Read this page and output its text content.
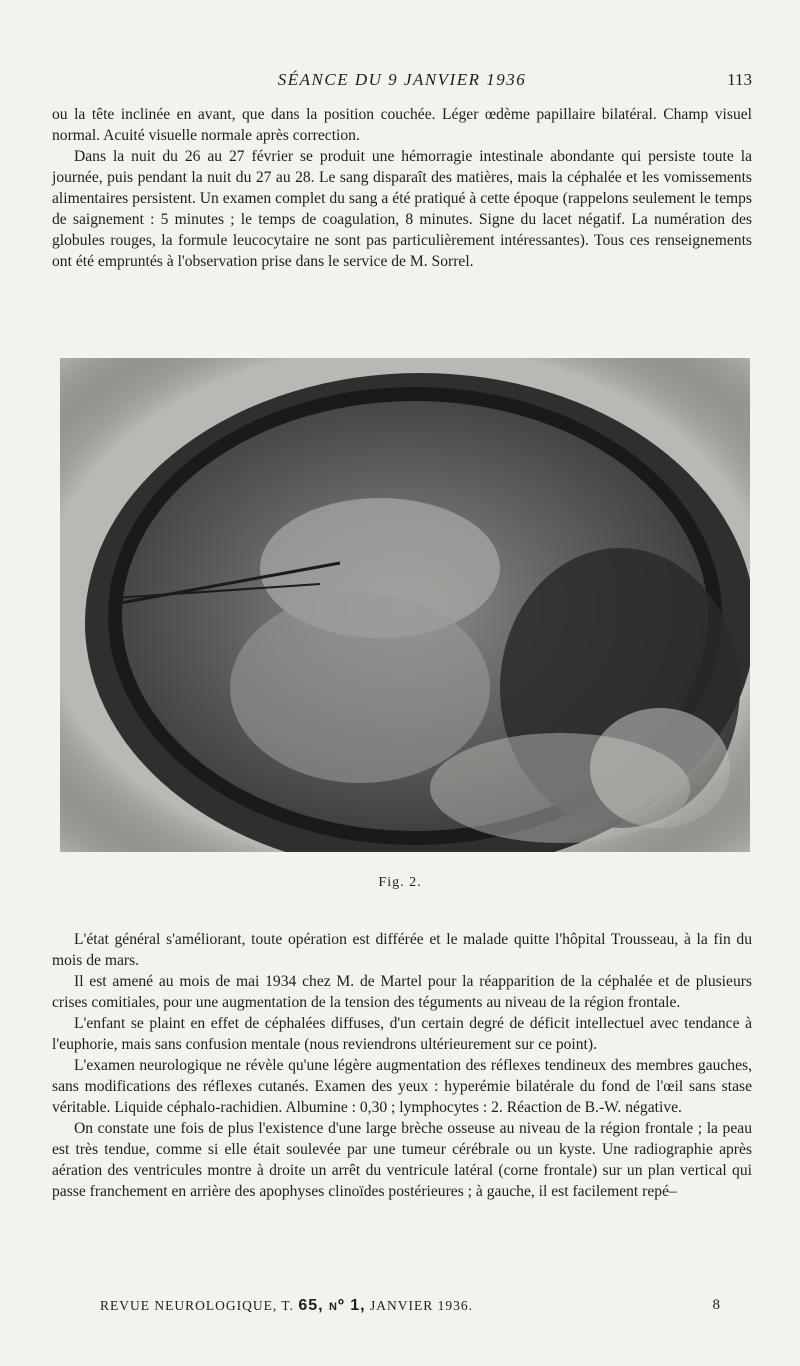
SÉANCE DU 9 JANVIER 1936	113

ou la tête inclinée en avant, que dans la position couchée. Léger œdème papillaire bilatéral. Champ visuel normal. Acuité visuelle normale après correction.

Dans la nuit du 26 au 27 février se produit une hémorragie intestinale abondante qui persiste toute la journée, puis pendant la nuit du 27 au 28. Le sang disparaît des matières, mais la céphalée et les vomissements alimentaires persistent. Un examen complet du sang a été pratiqué à cette époque (rappelons seulement le temps de saignement : 5 minutes ; le temps de coagulation, 8 minutes. Signe du lacet négatif. La numération des globules rouges, la formule leucocytaire ne sont pas particulièrement intéressantes). Tous ces renseignements ont été empruntés à l'observation prise dans le service de M. Sorrel.

Fig. 2.

L'état général s'améliorant, toute opération est différée et le malade quitte l'hôpital Trousseau, à la fin du mois de mars.

Il est amené au mois de mai 1934 chez M. de Martel pour la réapparition de la céphalée et de plusieurs crises comitiales, pour une augmentation de la tension des téguments au niveau de la région frontale.

L'enfant se plaint en effet de céphalées diffuses, d'un certain degré de déficit intellectuel avec tendance à l'euphorie, mais sans confusion mentale (nous reviendrons ultérieurement sur ce point).

L'examen neurologique ne révèle qu'une légère augmentation des réflexes tendineux des membres gauches, sans modifications des réflexes cutanés. Examen des yeux : hyperémie bilatérale du fond de l'œil sans stase véritable. Liquide céphalo-rachidien. Albumine : 0,30 ; lymphocytes : 2. Réaction de B.-W. négative.

On constate une fois de plus l'existence d'une large brèche osseuse au niveau de la région frontale ; la peau est très tendue, comme si elle était soulevée par une tumeur cérébrale ou un kyste. Une radiographie après aération des ventricules montre à droite un arrêt du ventricule latéral (corne frontale) sur un plan vertical qui passe franchement en arrière des apophyses clinoïdes postérieures ; à gauche, il est facilement repé–

REVUE NEUROLOGIQUE, T. 65, nº 1, JANVIER 1936.	8
